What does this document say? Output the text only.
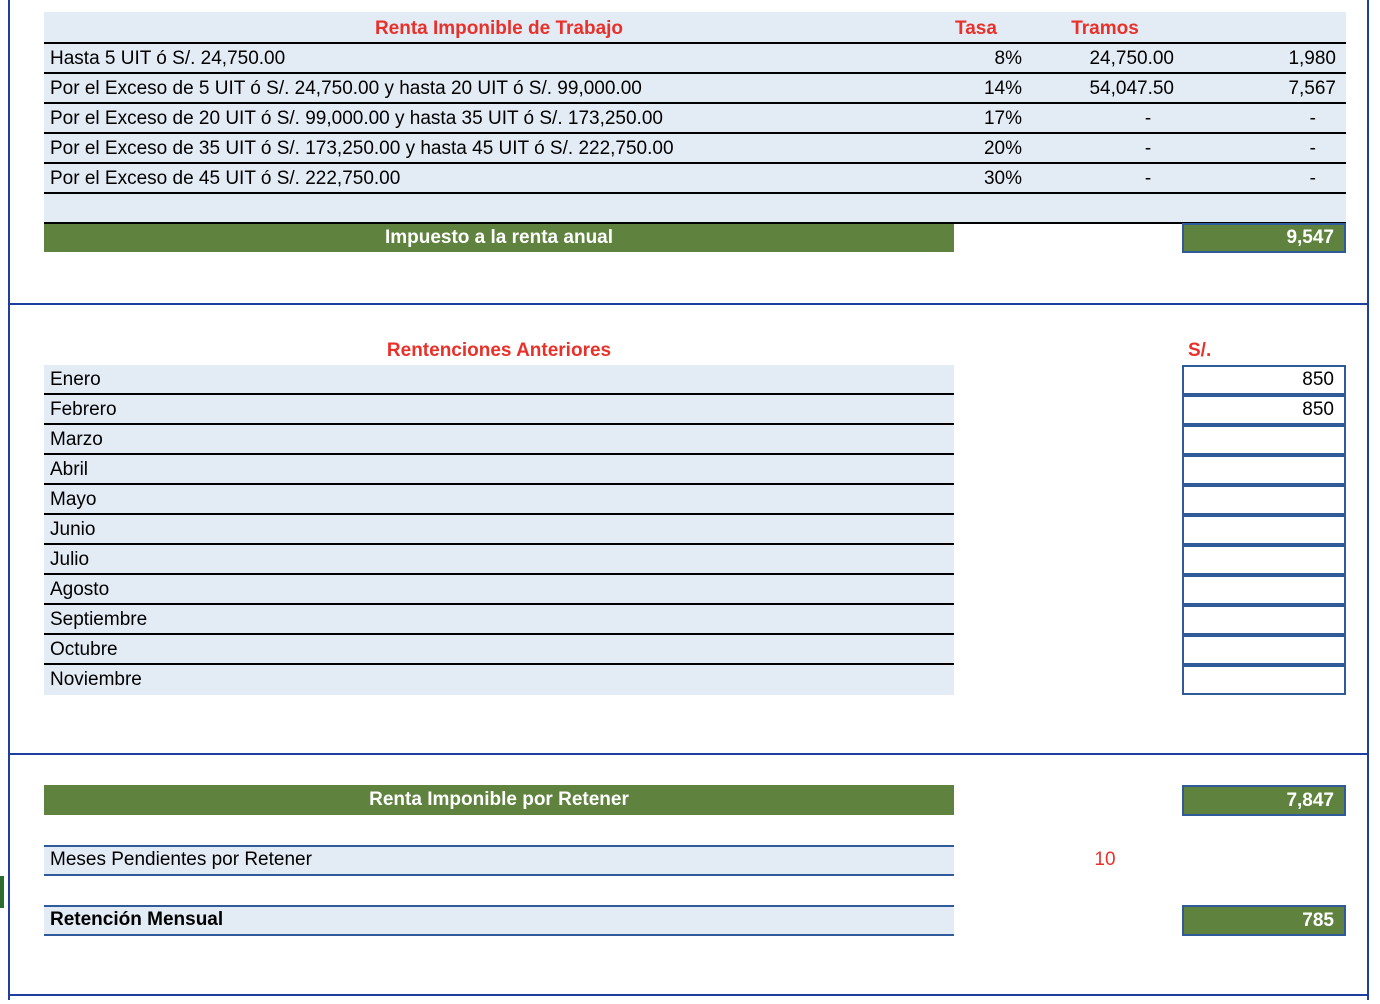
Renta Imponible de Trabajo	Tasa	Tramos
Hasta 5 UIT ó S/. 24,750.00	8%	24,750.00	1,980
Por el Exceso de 5 UIT ó S/. 24,750.00 y hasta 20 UIT ó S/. 99,000.00	14%	54,047.50	7,567
Por el Exceso de 20 UIT ó S/. 99,000.00 y hasta 35 UIT ó S/. 173,250.00	17%	-	-
Por el Exceso de 35 UIT ó S/. 173,250.00 y hasta 45 UIT ó S/. 222,750.00	20%	-	-
Por el Exceso de 45 UIT ó S/. 222,750.00	30%	-	-
Impuesto a la renta anual	9,547
Rentenciones Anteriores	S/.
Enero	850
Febrero	850
Marzo
Abril
Mayo
Junio
Julio
Agosto
Septiembre
Octubre
Noviembre
Renta Imponible por Retener	7,847
Meses Pendientes por Retener	10
Retención Mensual	785
